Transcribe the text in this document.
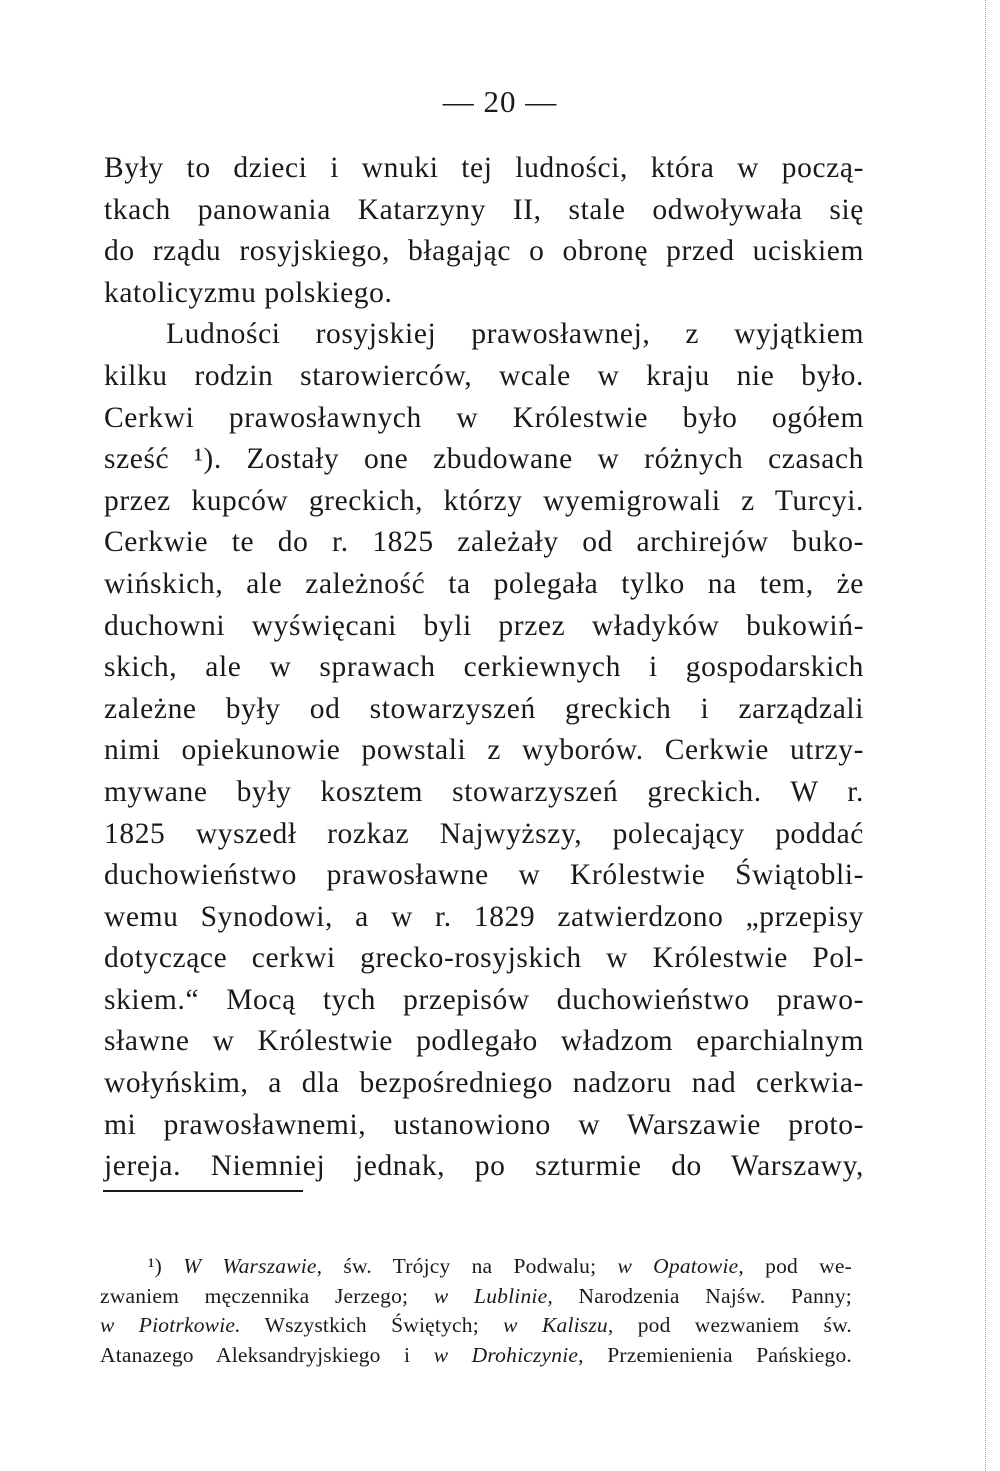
— 20 —
Były to dzieci i wnuki tej ludności, która w począ-
tkach panowania Katarzyny II, stale odwoływała się
do rządu rosyjskiego, błagając o obronę przed uciskiem
katolicyzmu polskiego.
Ludności rosyjskiej prawosławnej, z wyjątkiem
kilku rodzin starowierców, wcale w kraju nie było.
Cerkwi prawosławnych w Królestwie było ogółem
sześć ¹). Zostały one zbudowane w różnych czasach
przez kupców greckich, którzy wyemigrowali z Turcyi.
Cerkwie te do r. 1825 zależały od archirejów buko-
wińskich, ale zależność ta polegała tylko na tem, że
duchowni wyświęcani byli przez władyków bukowiń-
skich, ale w sprawach cerkiewnych i gospodarskich
zależne były od stowarzyszeń greckich i zarządzali
nimi opiekunowie powstali z wyborów. Cerkwie utrzy-
mywane były kosztem stowarzyszeń greckich. W r.
1825 wyszedł rozkaz Najwyższy, polecający poddać
duchowieństwo prawosławne w Królestwie Świątobli-
wemu Synodowi, a w r. 1829 zatwierdzono „przepisy
dotyczące cerkwi grecko-rosyjskich w Królestwie Pol-
skiem.“ Mocą tych przepisów duchowieństwo prawo-
sławne w Królestwie podlegało władzom eparchialnym
wołyńskim, a dla bezpośredniego nadzoru nad cerkwia-
mi prawosławnemi, ustanowiono w Warszawie proto-
jereja. Niemniej jednak, po szturmie do Warszawy,
¹) W Warszawie, św. Trójcy na Podwalu; w Opatowie, pod we-
zwaniem męczennika Jerzego; w Lublinie, Narodzenia Najśw. Panny;
w Piotrkowie. Wszystkich Świętych; w Kaliszu, pod wezwaniem św.
Atanazego Aleksandryjskiego i w Drohiczynie, Przemienienia Pańskiego.
